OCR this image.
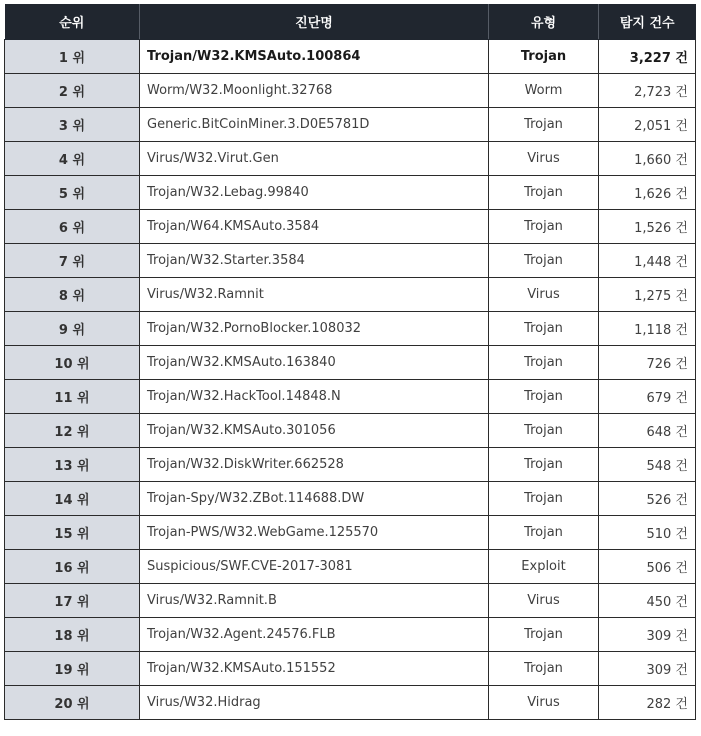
순위	진단명	유형	탐지 건수
1 위	Trojan/W32.KMSAuto.100864	Trojan	3,227 건
2 위	Worm/W32.Moonlight.32768	Worm	2,723 건
3 위	Generic.BitCoinMiner.3.D0E5781D	Trojan	2,051 건
4 위	Virus/W32.Virut.Gen	Virus	1,660 건
5 위	Trojan/W32.Lebag.99840	Trojan	1,626 건
6 위	Trojan/W64.KMSAuto.3584	Trojan	1,526 건
7 위	Trojan/W32.Starter.3584	Trojan	1,448 건
8 위	Virus/W32.Ramnit	Virus	1,275 건
9 위	Trojan/W32.PornoBlocker.108032	Trojan	1,118 건
10 위	Trojan/W32.KMSAuto.163840	Trojan	726 건
11 위	Trojan/W32.HackTool.14848.N	Trojan	679 건
12 위	Trojan/W32.KMSAuto.301056	Trojan	648 건
13 위	Trojan/W32.DiskWriter.662528	Trojan	548 건
14 위	Trojan-Spy/W32.ZBot.114688.DW	Trojan	526 건
15 위	Trojan-PWS/W32.WebGame.125570	Trojan	510 건
16 위	Suspicious/SWF.CVE-2017-3081	Exploit	506 건
17 위	Virus/W32.Ramnit.B	Virus	450 건
18 위	Trojan/W32.Agent.24576.FLB	Trojan	309 건
19 위	Trojan/W32.KMSAuto.151552	Trojan	309 건
20 위	Virus/W32.Hidrag	Virus	282 건
